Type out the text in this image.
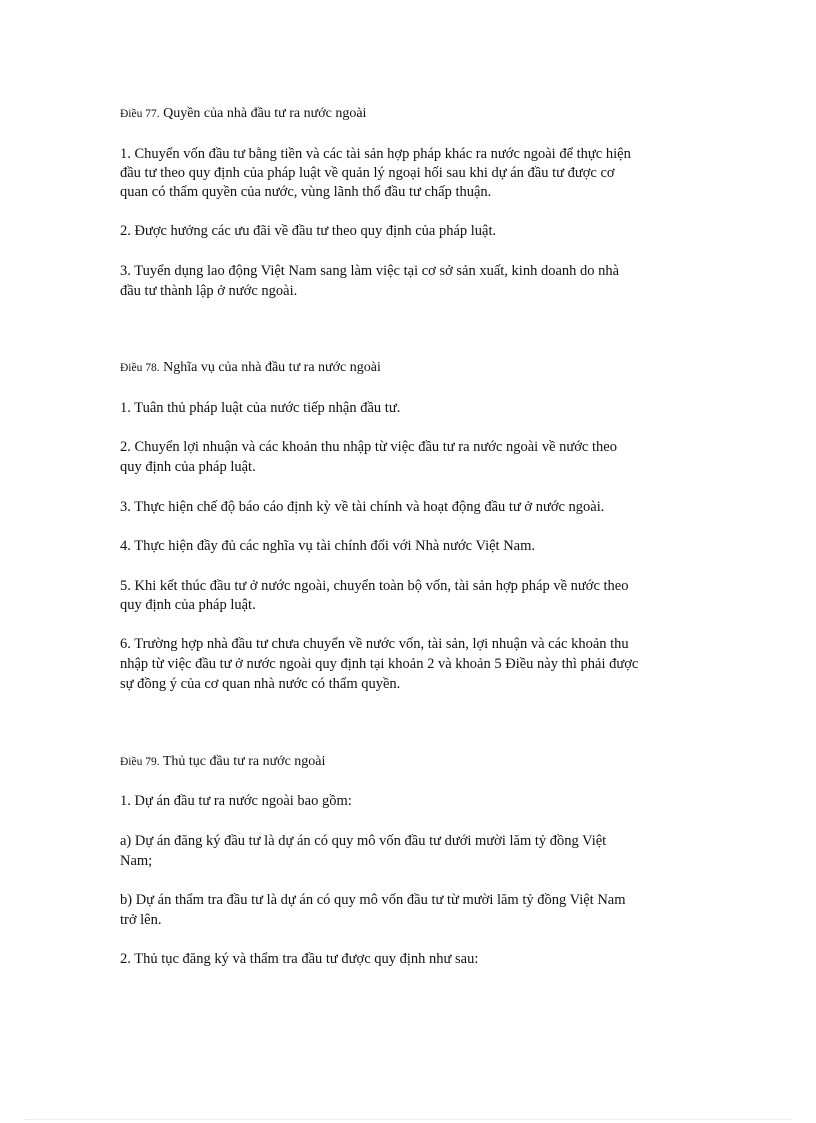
Điều 77. Quyền của nhà đầu tư ra nước ngoài

1. Chuyển vốn đầu tư bằng tiền và các tài sản hợp pháp khác ra nước ngoài để thực hiện

đầu tư theo quy định của pháp luật về quản lý ngoại hối sau khi dự án đầu tư được cơ

quan có thẩm quyền của nước, vùng lãnh thổ đầu tư chấp thuận.

2. Được hưởng các ưu đãi về đầu tư theo quy định của pháp luật.

3. Tuyển dụng lao động Việt Nam sang làm việc tại cơ sở sản xuất, kinh doanh do nhà

đầu tư thành lập ở nước ngoài.

Điều 78. Nghĩa vụ của nhà đầu tư ra nước ngoài

1. Tuân thủ pháp luật của nước tiếp nhận đầu tư.

2. Chuyển lợi nhuận và các khoản thu nhập từ việc đầu tư ra nước ngoài về nước theo

quy định của pháp luật.

3. Thực hiện chế độ báo cáo định kỳ về tài chính và hoạt động đầu tư ở nước ngoài.

4. Thực hiện đầy đủ các nghĩa vụ tài chính đối với Nhà nước Việt Nam.

5. Khi kết thúc đầu tư ở nước ngoài, chuyển toàn bộ vốn, tài sản hợp pháp về nước theo

quy định của pháp luật.

6. Trường hợp nhà đầu tư chưa chuyển về nước vốn, tài sản, lợi nhuận và các khoản thu

nhập từ việc đầu tư ở nước ngoài quy định tại khoản 2 và khoản 5 Điều này thì phải được

sự đồng ý của cơ quan nhà nước có thẩm quyền.

Điều 79. Thủ tục đầu tư ra nước ngoài

1. Dự án đầu tư ra nước ngoài bao gồm:

a) Dự án đăng ký đầu tư là dự án có quy mô vốn đầu tư dưới mười lăm tỷ đồng Việt

Nam;

b) Dự án thẩm tra đầu tư là dự án có quy mô vốn đầu tư từ mười lăm tỷ đồng Việt Nam

trở lên.

2. Thủ tục đăng ký và thẩm tra đầu tư được quy định như sau:
